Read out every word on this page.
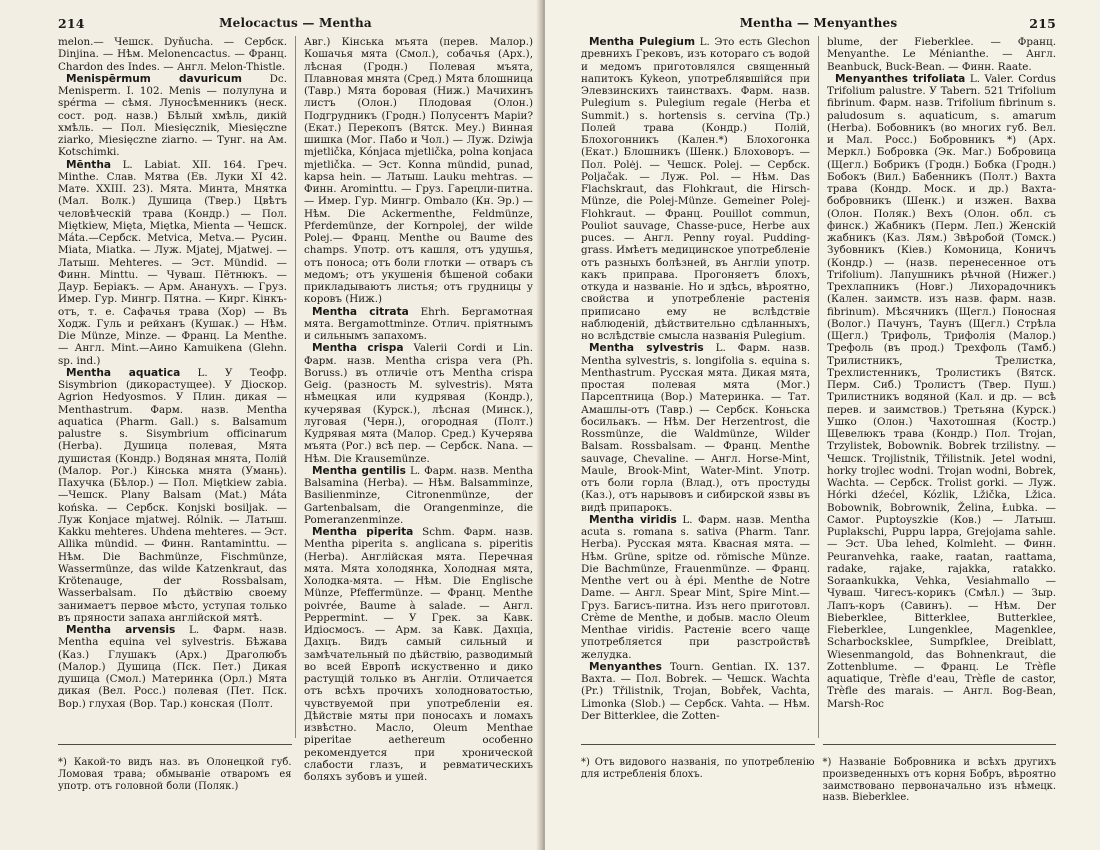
214	Melocactus — Mentha

melon.— Чешск. Dyňucha. — Сербск. Dinjina. — Нѣм. Melonencactus. — Франц. Chardon des Indes. — Англ. Melon-Thistle.

Menispērmum davuricum Dc. Menisperm. I. 102. Menis — полулуна и spérma — сѣмя. Луносѣменникъ (неск. сост. род. назв.) Бѣлый хмѣль, дикій хмѣль. — Пол. Miesięcznik, Miesięczne ziarko, Miesięczne ziarno. — Тунг. на Ам. Kotschimki.

Mēntha L. Labiat. XII. 164. Греч. Minthe. Слав. Мятва (Ев. Луки XI 42. Матѳ. XXIII. 23). Мята. Минта, Мнятка (Мал. Волк.) Душица (Твер.) Цвѣтъ человѣческій трава (Кондр.) — Пол. Miętkiew, Mięta, Miętka, Mienta — Чешск. Máta.—Сербск. Metvica, Metva.— Русин. Miata, Miatka. — Луж. Mjatej, Mjatwej. — Латыш. Mehteres. — Эст. Mündid. — Финн. Minttu. — Чуваш. Пётнюкъ. — Даур. Беріакъ. — Арм. Ананухъ. — Груз. Имер. Гур. Мингр. Пятна. — Кирг. Кінкъ-отъ, т. е. Сафачья трава (Хор) — Въ Ходж. Гуль и рейханъ (Кушак.) — Нѣм. Die Münze, Minze. — Франц. La Menthe. — Англ. Mint.—Аино Kamuikena (Glehn. sp. ind.)

Mentha aquatica L. У Теофр. Sisymbrion (дикорастущее). У Діоскор. Agrion Hedyosmos. У Плин. дикая — Menthastrum. Фарм. назв. Mentha aquatica (Pharm. Gall.) s. Balsamum palustre s. Sisymbrium officinarum (Herba). Душица полевая, Мята душистая (Кондр.) Водяная мнята, Полій (Малор. Рог.) Кінська мнята (Умань). Пахучка (Бѣлор.) — Пол. Miętkiew zabia.—Чешск. Plany Balsam (Mat.) Máta końska. — Сербск. Konjski bosiljak. — Луж Konjace mjatwej. Rólnik. — Латыш. Kakku mehteres. Uhdena mehteres. — Эст. Allika mündid. — Финн. Rantaminttu. — Нѣм. Die Bachmünze, Fischmünze, Wassermünze, das wilde Katzenkraut, das Krötenauge, der Rossbalsam, Wasserbalsam. По дѣйствію своему занимаетъ первое мѣсто, уступая только въ пряности запаха англійской мятѣ.

Mentha arvensis L. Фарм. назв. Mentha equina vel sylvestris. Бѣжава (Каз.) Глушакъ (Арх.) Драголюбъ (Малор.) Душица (Пск. Пет.) Дикая душица (Смол.) Материнка (Орл.) Мята дикая (Вел. Росс.) полевая (Пет. Пск. Вор.) глухая (Вор. Тар.) конская (Полт.

Авг.) Кінська мъята (перев. Малор.) Кошачья мята (Смол.), собачья (Арх.), лѣсная (Гродн.) Полевая мъята, Плавновая мнята (Сред.) Мята блошница (Тавр.) Мята боровая (Ниж.) Мачихинъ листъ (Олон.) Плодовая (Олон.) Подгрудникъ (Гродн.) Полусентъ Маріи? (Екат.) Перекопъ (Вятск. Меу.) Винная шишка (Мог. Пабо и Чол.) — Луж. Dziwja mjetlička, Kónjaca mjetlička, polna konjaca mjetlička. — Эст. Konna mündid, punad, kapsa hein. — Латыш. Lauku mehtras. — Финн. Arominttu. — Груз. Гарецли-питна. — Имер. Гур. Мингр. Ombaло (Кн. Эр.) — Нѣм. Die Ackermenthe, Feldmünze, Pferdemünze, der Kornpolej, der wilde Polej.— Франц. Menthe ou Baume des champs. Употр. отъ кашля, отъ удушья, отъ поноса; отъ боли глотки — отваръ съ медомъ; отъ укушенія бѣшеной собаки прикладываютъ листья; отъ грудницы у коровъ (Ниж.)

Mentha citrata Ehrh. Бергамотная мята. Bergamottminze. Отлич. пріятнымъ и сильнымъ запахомъ.

Mentha crispa Valerii Cordi и Lin. Фарм. назв. Mentha crispa vera (Ph. Boruss.) въ отличіе отъ Mentha crispa Geig. (разность M. sylvestris). Мята нѣмецкая или кудрявая (Кондр.), кучерявая (Курск.), лѣсная (Минск.), луговая (Черн.), огородная (Полт.) Кудрявая мята (Малор. Сред.) Кучерява мъята (Рог.) всѣ пер. — Сербск. Nana. — Нѣм. Die Krausemünze.

Mentha gentilis L. Фарм. назв. Mentha Balsamina (Herba). — Нѣм. Balsamminze, Basilienminze, Citronenmünze, der Gartenbalsam, die Orangenminze, die Pomeranzenminze.

Mentha piperita Schm. Фарм. назв. Mentha piperita s. anglicana s. piperitis (Herba). Англійская мята. Перечная мята. Мята холодянка, Холодная мята, Холодка-мята. — Нѣм. Die Englische Münze, Pfeffermünze. — Франц. Menthe poivrée, Baume à salade. — Англ. Peppermint. — У Грек. за Кавк. Идіосмосъ. — Арм. за Кавк. Дахціа, Дахцъ. Видъ самый сильный и замѣчательный по дѣйствію, разводимый во всей Европѣ искуственно и дико растущій только въ Англіи. Отличается отъ всѣхъ прочихъ холодноватостью, чувствуемой при употребленіи ея. Дѣйствіе мяты при поносахъ и ломахъ извѣстно. Масло, Oleum Menthae piperitae aethereum особенно рекомендуется при хронической слабости глазъ, и ревматическихъ боляхъ зубовъ и ушей.

*) Какой-то видъ наз. въ Олонецкой губ. Ломовая трава; обмываніе отваромъ ея употр. отъ головной боли (Поляк.)
Mentha — Menyanthes	215

Mentha Pulegium L. Это есть Glechon древнихъ Грековъ, изъ котораго съ водой и медомъ приготовлялся священный напитокъ Kykeon, употреблявшійся при Элевзинскихъ таинствахъ. Фарм. назв. Pulegium s. Pulegium regale (Herba et Summit.) s. hortensis s. cervina (Тр.) Полей трава (Кондр.) Полій, Блохогонникъ (Кален.*) Блохогонка (Екат.) Блошникъ (Шенк.) Блоховоръ. — Пол. Polėj. — Чешск. Polej. — Сербск. Poljačak. — Луж. Pol. — Нѣм. Das Flachskraut, das Flohkraut, die Hirsch-Münze, die Polej-Münze. Gemeiner Polej-Flohkraut. — Франц. Pouillot commun, Pouliot sauvage, Chasse-puce, Herbe aux puces. — Англ. Penny royal. Pudding-grass. Имѣетъ медицинское употребленіе отъ разныхъ болѣзней, въ Англіи употр. какъ приправа. Прогоняетъ блохъ, откуда и названіе. Но и здѣсь, вѣроятно, свойства и употребленіе растенія приписано ему не вслѣдствіе наблюденій, дѣйствительно сдѣланныхъ, но вслѣдствіе смысла названія Pulegium.

Mentha sylvestris L. Фарм. назв. Mentha sylvestris, s. longifolia s. equina s. Menthastrum. Русская мята. Дикая мята, простая полевая мята (Мог.) Парсептница (Вор.) Материнка. — Тат. Амашлы-отъ (Тавр.) — Сербск. Коньска босильакъ. — Нѣм. Der Herzentrost, die Rossmünze, die Waldmünze, Wilder Balsam. Rossbalsam. — Франц. Menthe sauvage, Chevaline. — Англ. Horse-Mint, Maule, Brook-Mint, Water-Mint. Употр. отъ боли горла (Влад.), отъ простуды (Каз.), отъ нарывовъ и сибирской язвы въ видѣ припарокъ.

Mentha viridis L. Фарм. назв. Mentha acuta s. romana s. sativa (Pharm. Tanr. Herba). Русская мята. Квасная мята. — Нѣм. Grüne, spitze od. römische Münze. Die Bachmünze, Frauenmünze. — Франц. Menthe vert ou à épi. Menthe de Notre Dame. — Англ. Spear Mint, Spire Mint.—Груз. Багисъ-питна. Изъ него приготовл. Crème de Menthe, и добыв. масло Oleum Menthae viridis. Растеніе всего чаще употребляется при разстройствѣ желудка.

Menyanthes Tourn. Gentian. IX. 137. Вахта. — Пол. Bobrek. — Чешск. Wachta (Pr.) Třilistnik, Trojan, Bobřek, Vachta, Limonka (Slob.) — Сербск. Vahta. — Нѣм. Der Bitterklee, die Zotten-

blume, der Fieberklee. — Франц. Menyanthe. Le Ménianthe. — Англ. Beanbuck, Buck-Bean. — Финн. Raate.

Menyanthes trifoliata L. Valer. Cordus Trifolium palustre. У Tabern. 521 Trifolium fibrinum. Фарм. назв. Trifolium fibrinum s. paludosum s. aquaticum, s. amarum (Herba). Бобовникъ (во многих губ. Вел. и Мал. Росс.) Бобровникъ *) (Арх. Меркл.) Бобровка (Эк. Маг.) Бобровица (Щегл.) Бобрикъ (Гродн.) Бобка (Гродн.) Бобокъ (Вил.) Бабенникъ (Полт.) Вахта трава (Кондр. Моск. и др.) Вахта-бобровникъ (Шенк.) и изжен. Вахва (Олон. Поляк.) Вехъ (Олон. обл. съ финск.) Жабникъ (Перм. Леп.) Женскій жабникъ (Каз. Лям.) Звѣробой (Томск.) Зубовникъ (Кіев.) Комоница, Коничъ (Кондр.) — (назв. перенесенное отъ Trifolium). Лапушникъ рѣчной (Нижег.) Трехлапникъ (Новг.) Лихорадочникъ (Кален. заимств. изъ назв. фарм. назв. fibrinum). Мѣсячникъ (Щегл.) Поносная (Волог.) Пачунъ, Таунъ (Щегл.) Стрѣла (Щегл.) Трифоль, Трифолія (Малор.) Трефоль (въ прод.) Трехфоль (Тамб.) Трилистникъ, Трелистка, Трехлистенникъ, Тролистикъ (Вятск. Перм. Сиб.) Тролистъ (Твер. Пуш.) Трилистникъ водяной (Кал. и др. — всѣ перев. и заимствов.) Третьяна (Курск.) Ушко (Олон.) Чахотошная (Костр.) Щевелюкъ трава (Кондр.) Пол. Trojan, Trzylistek, Bobownik. Bobrek trzilistny. — Чешск. Trojlistnik, Třilistnik. Jetel wodni, horky trojlec wodni. Trojan wodni, Bobrek, Wachta. — Сербск. Trolist gorki. — Луж. Hórki dźećel, Kózlik, Lžička, Lžica. Bobownik, Bobrownik, Želina, Łubka. — Самог. Puptoyszkie (Ков.) — Латыш. Puplakschi, Puppu lappa, Grejojama sahle. — Эст. Uba lehed, Kolmleht. — Финн. Peuranvehka, raake, raatan, raattama, radake, rajake, rajakka, ratakko. Soraankukka, Vehka, Vesiahmallo — Чуваш. Чигесъ-корикъ (Смѣл.) — Зыр. Лапъ-коръ (Савинъ). — Нѣм. Der Bieberklee, Bitterklee, Butterklee, Fieberklee, Lungenklee, Magenklee, Scharbocksklee, Sumpfklee, Dreiblatt, Wiesenmangold, das Bohnenkraut, die Zottenblume. — Франц. Le Trèfle aquatique, Trèfle d'eau, Trèfle de castor, Trèfle des marais. — Англ. Bog-Bean, Marsh-Roc

*) Отъ видового названія, по употребленію для истребленія блохъ.
*) Названіе Бобровника и всѣхъ другихъ произведенныхъ отъ корня Бобръ, вѣроятно заимствовано первоначально изъ нѣмецк. назв. Bieberklee.
